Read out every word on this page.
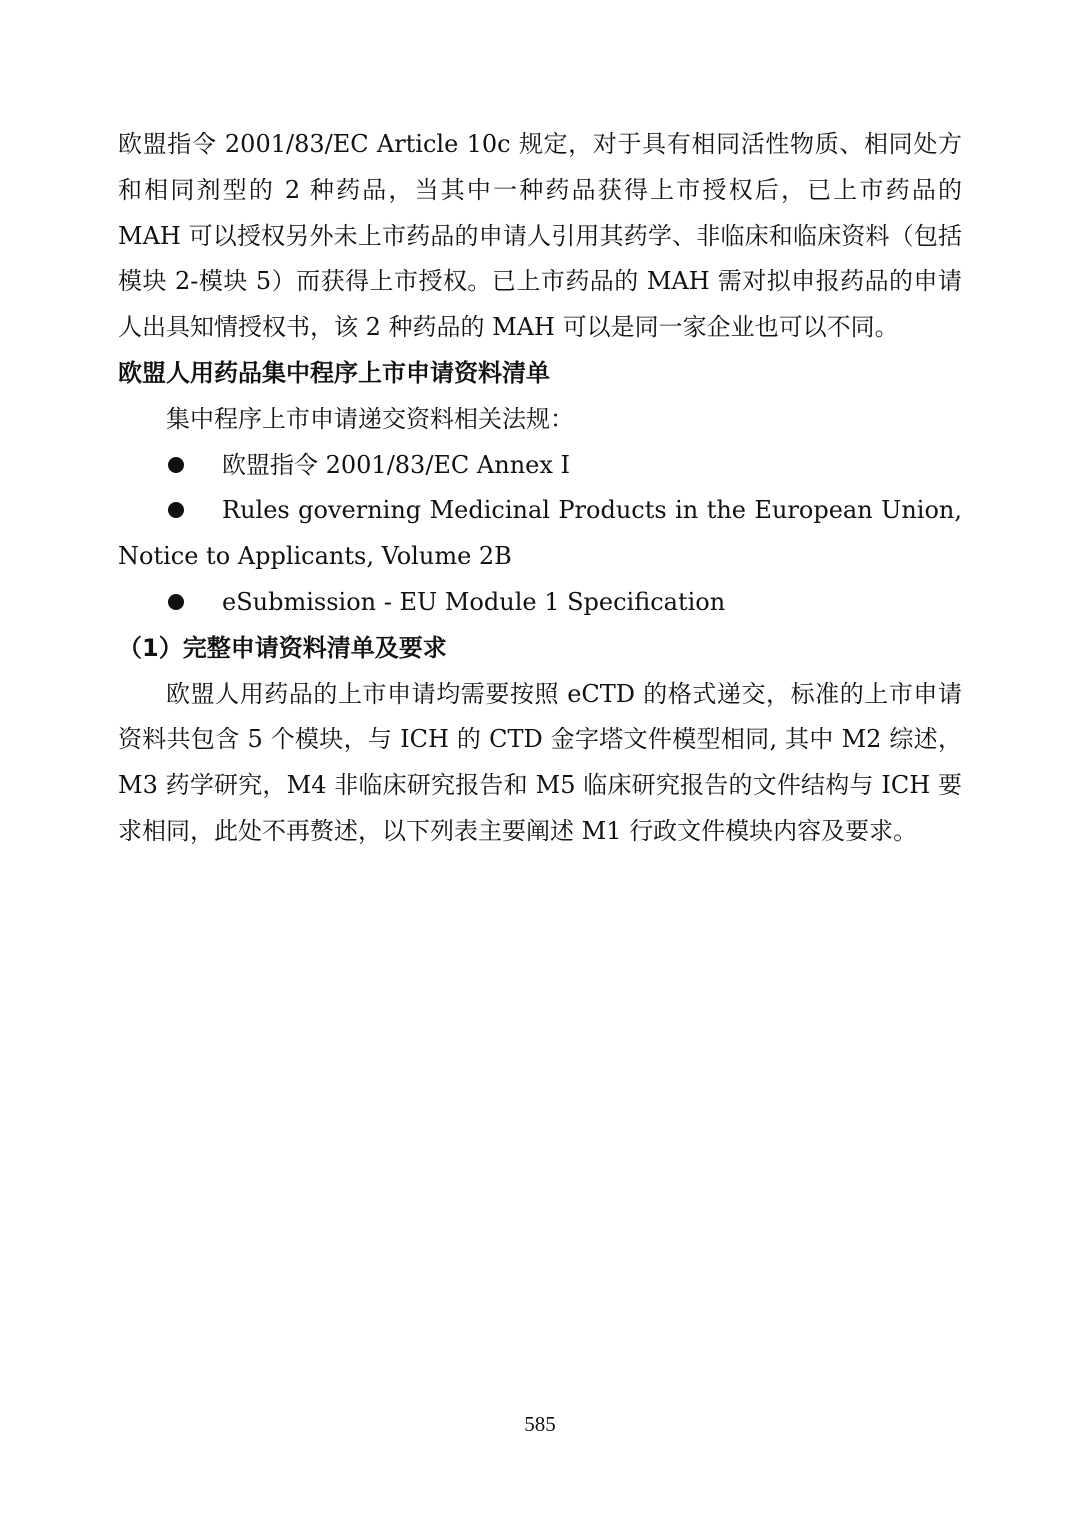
欧盟指令 2001/83/EC Article 10c 规定，对于具有相同活性物质、相同处方和相同剂型的 2 种药品，当其中一种药品获得上市授权后，已上市药品的 MAH 可以授权另外未上市药品的申请人引用其药学、非临床和临床资料（包括模块 2-模块 5）而获得上市授权。已上市药品的 MAH 需对拟申报药品的申请人出具知情授权书，该 2 种药品的 MAH 可以是同一家企业也可以不同。

欧盟人用药品集中程序上市申请资料清单

集中程序上市申请递交资料相关法规：

欧盟指令 2001/83/EC Annex I
Rules governing Medicinal Products in the European Union, Notice to Applicants, Volume 2B
eSubmission - EU Module 1 Specification

（1）完整申请资料清单及要求

欧盟人用药品的上市申请均需要按照 eCTD 的格式递交，标准的上市申请资料共包含 5 个模块，与 ICH 的 CTD 金字塔文件模型相同, 其中 M2 综述，M3 药学研究，M4 非临床研究报告和 M5 临床研究报告的文件结构与 ICH 要求相同，此处不再赘述，以下列表主要阐述 M1 行政文件模块内容及要求。

585
